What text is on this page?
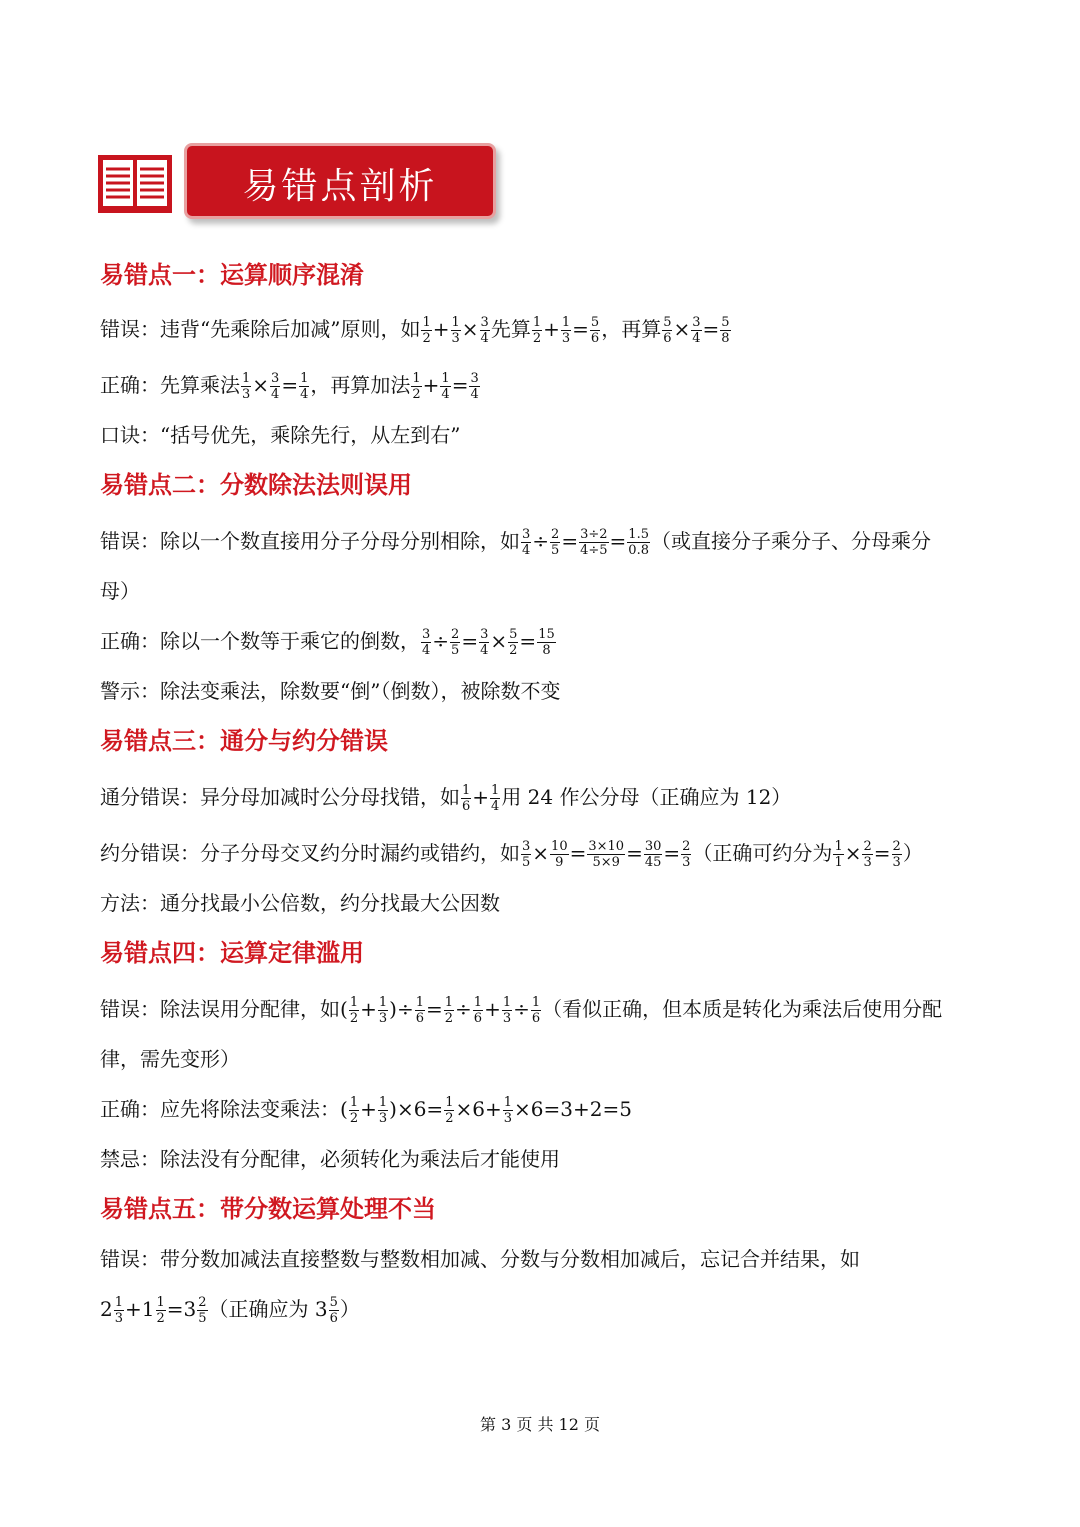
易错点剖析
易错点一：运算顺序混淆
错误：违背“先乘除后加减”原则，如 $\frac{1}{2} + \frac{1}{3} \times \frac{3}{4}$ 先算 $\frac{1}{2} + \frac{1}{3} = \frac{5}{6}$ ，再算 $\frac{5}{6} \times \frac{3}{4} = \frac{5}{8}$
正确：先算乘法 $\frac{1}{3} \times \frac{3}{4} = \frac{1}{4}$ ，再算加法 $\frac{1}{2} + \frac{1}{4} = \frac{3}{4}$
口诀：“括号优先，乘除先行，从左到右”
易错点二：分数除法法则误用
错误：除以一个数直接用分子分母分别相除，如 $\frac{3}{4} \div \frac{2}{5} = \frac{3\div 2}{4\div 5} = \frac{1.5}{0.8}$ （或直接分子乘分子、分母乘分
母）
正确：除以一个数等于乘它的倒数， $\frac{3}{4} \div \frac{2}{5} = \frac{3}{4} \times \frac{5}{2} = \frac{15}{8}$
警示：除法变乘法，除数要“倒”（倒数），被除数不变
易错点三：通分与约分错误
通分错误：异分母加减时公分母找错，如 $\frac{1}{6} + \frac{1}{4}$ 用 24 作公分母（正确应为 12）
约分错误：分子分母交叉约分时漏约或错约，如 $\frac{3}{5} \times \frac{10}{9} = \frac{3\times 10}{5\times 9} = \frac{30}{45} = \frac{2}{3}$ （正确可约分为 $\frac{1}{1} \times \frac{2}{3} = \frac{2}{3}$ ）
方法：通分找最小公倍数，约分找最大公因数
易错点四：运算定律滥用
错误：除法误用分配律，如( $\frac{1}{2} + \frac{1}{3}$ )÷ $\frac{1}{6} = \frac{1}{2} \div \frac{1}{6} + \frac{1}{3} \div \frac{1}{6}$ （看似正确，但本质是转化为乘法后使用分配
律，需先变形）
正确：应先将除法变乘法：( $\frac{1}{2} + \frac{1}{3} )\times 6= \frac{1}{2} \times 6+ \frac{1}{3} \times 6=3+2=5$
禁忌：除法没有分配律，必须转化为乘法后才能使用
易错点五：带分数运算处理不当
错误：带分数加减法直接整数与整数相加减、分数与分数相加减后，忘记合并结果，如
$2 \frac{1}{3} +1 \frac{1}{2} =3 \frac{2}{5}$ （正确应为 $3 \frac{5}{6}$ ）
第 3 页 共 12 页
